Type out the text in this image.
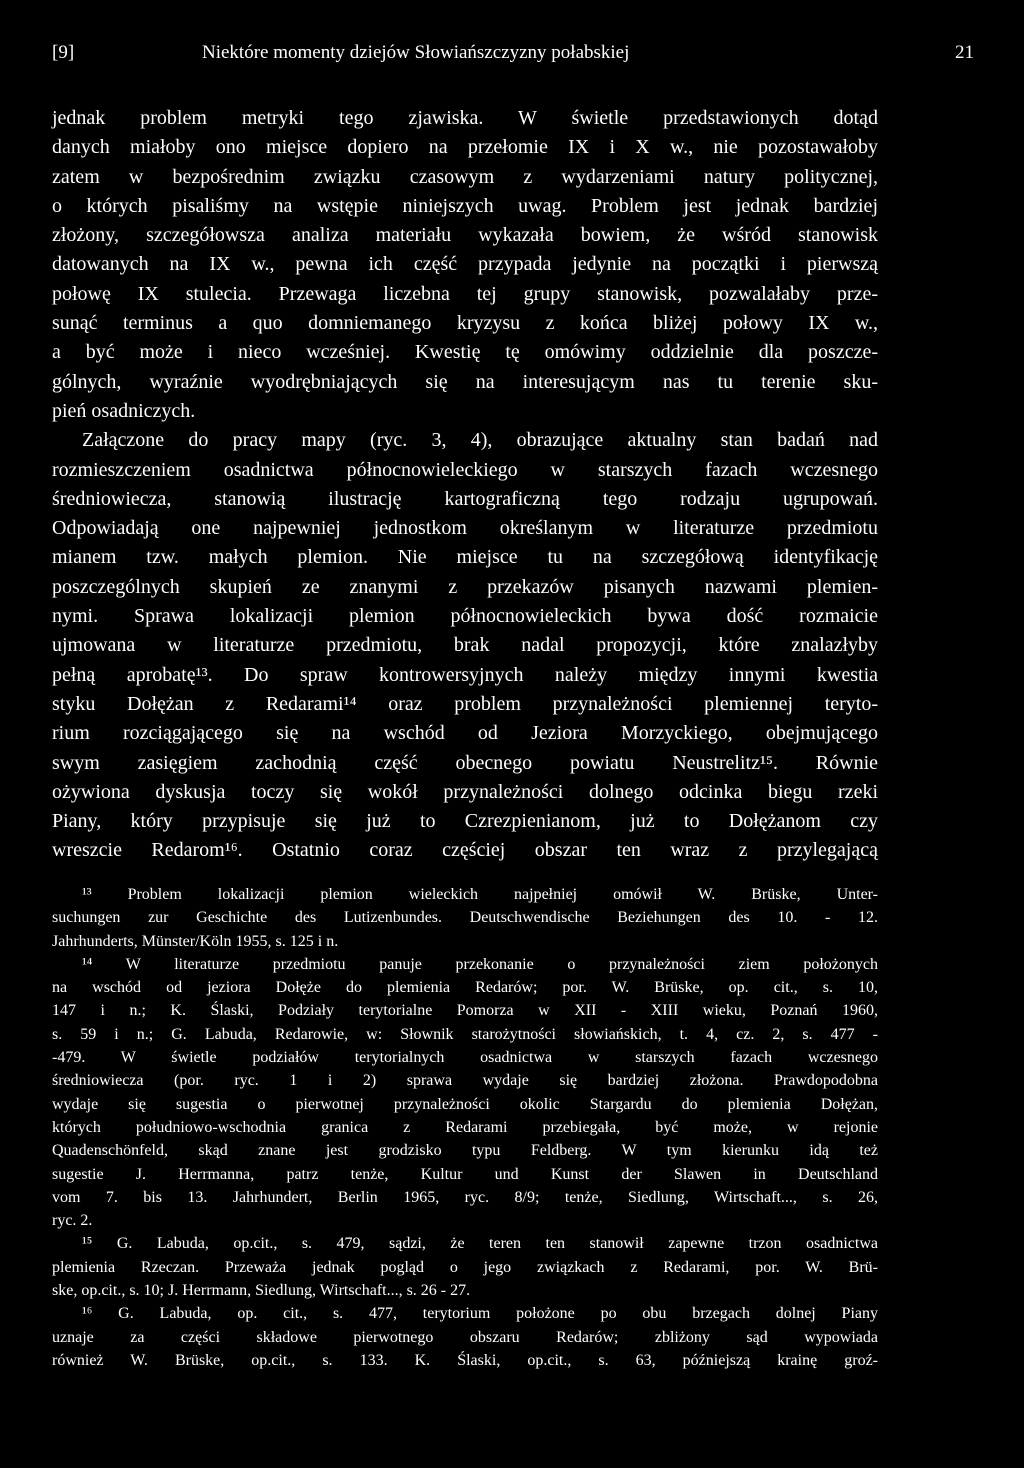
[9]	Niektóre momenty dziejów Słowiańszczyzny połabskiej	21
jednak problem metryki tego zjawiska. W świetle przedstawionych dotąd
danych miałoby ono miejsce dopiero na przełomie IX i X w., nie pozostawałoby
zatem w bezpośrednim związku czasowym z wydarzeniami natury politycznej,
o których pisaliśmy na wstępie niniejszych uwag. Problem jest jednak bardziej
złożony, szczegółowsza analiza materiału wykazała bowiem, że wśród stanowisk
datowanych na IX w., pewna ich część przypada jedynie na początki i pierwszą
połowę IX stulecia. Przewaga liczebna tej grupy stanowisk, pozwalałaby prze-
sunąć terminus a quo domniemanego kryzysu z końca bliżej połowy IX w.,
a być może i nieco wcześniej. Kwestię tę omówimy oddzielnie dla poszcze-
gólnych, wyraźnie wyodrębniających się na interesującym nas tu terenie sku-
pień osadniczych.
Załączone do pracy mapy (ryc. 3, 4), obrazujące aktualny stan badań nad
rozmieszczeniem osadnictwa północnowieleckiego w starszych fazach wczesnego
średniowiecza, stanowią ilustrację kartograficzną tego rodzaju ugrupowań.
Odpowiadają one najpewniej jednostkom określanym w literaturze przedmiotu
mianem tzw. małych plemion. Nie miejsce tu na szczegółową identyfikację
poszczególnych skupień ze znanymi z przekazów pisanych nazwami plemien-
nymi. Sprawa lokalizacji plemion północnowieleckich bywa dość rozmaicie
ujmowana w literaturze przedmiotu, brak nadal propozycji, które znalazłyby
pełną aprobatę¹³. Do spraw kontrowersyjnych należy między innymi kwestia
styku Dołężan z Redarami¹⁴ oraz problem przynależności plemiennej teryto-
rium rozciągającego się na wschód od Jeziora Morzyckiego, obejmującego
swym zasięgiem zachodnią część obecnego powiatu Neustrelitz¹⁵. Równie
ożywiona dyskusja toczy się wokół przynależności dolnego odcinka biegu rzeki
Piany, który przypisuje się już to Czrezpienianom, już to Dołężanom czy
wreszcie Redarom¹⁶. Ostatnio coraz częściej obszar ten wraz z przylegającą
¹³ Problem lokalizacji plemion wieleckich najpełniej omówił W. Brüske, Unter-
suchungen zur Geschichte des Lutizenbundes. Deutschwendische Beziehungen des 10. - 12.
Jahrhunderts, Münster/Köln 1955, s. 125 i n.
¹⁴ W literaturze przedmiotu panuje przekonanie o przynależności ziem położonych
na wschód od jeziora Dołęże do plemienia Redarów; por. W. Brüske, op. cit., s. 10,
147 i n.; K. Ślaski, Podziały terytorialne Pomorza w XII - XIII wieku, Poznań 1960,
s. 59 i n.; G. Labuda, Redarowie, w: Słownik starożytności słowiańskich, t. 4, cz. 2, s. 477 -
-479. W świetle podziałów terytorialnych osadnictwa w starszych fazach wczesnego
średniowiecza (por. ryc. 1 i 2) sprawa wydaje się bardziej złożona. Prawdopodobna
wydaje się sugestia o pierwotnej przynależności okolic Stargardu do plemienia Dołężan,
których południowo-wschodnia granica z Redarami przebiegała, być może, w rejonie
Quadenschönfeld, skąd znane jest grodzisko typu Feldberg. W tym kierunku idą też
sugestie J. Herrmanna, patrz tenże, Kultur und Kunst der Slawen in Deutschland
vom 7. bis 13. Jahrhundert, Berlin 1965, ryc. 8/9; tenże, Siedlung, Wirtschaft..., s. 26,
ryc. 2.
¹⁵ G. Labuda, op.cit., s. 479, sądzi, że teren ten stanowił zapewne trzon osadnictwa
plemienia Rzeczan. Przeważa jednak pogląd o jego związkach z Redarami, por. W. Brü-
ske, op.cit., s. 10; J. Herrmann, Siedlung, Wirtschaft..., s. 26 - 27.
¹⁶ G. Labuda, op. cit., s. 477, terytorium położone po obu brzegach dolnej Piany
uznaje za części składowe pierwotnego obszaru Redarów; zbliżony sąd wypowiada
również W. Brüske, op.cit., s. 133. K. Ślaski, op.cit., s. 63, późniejszą krainę groź-
